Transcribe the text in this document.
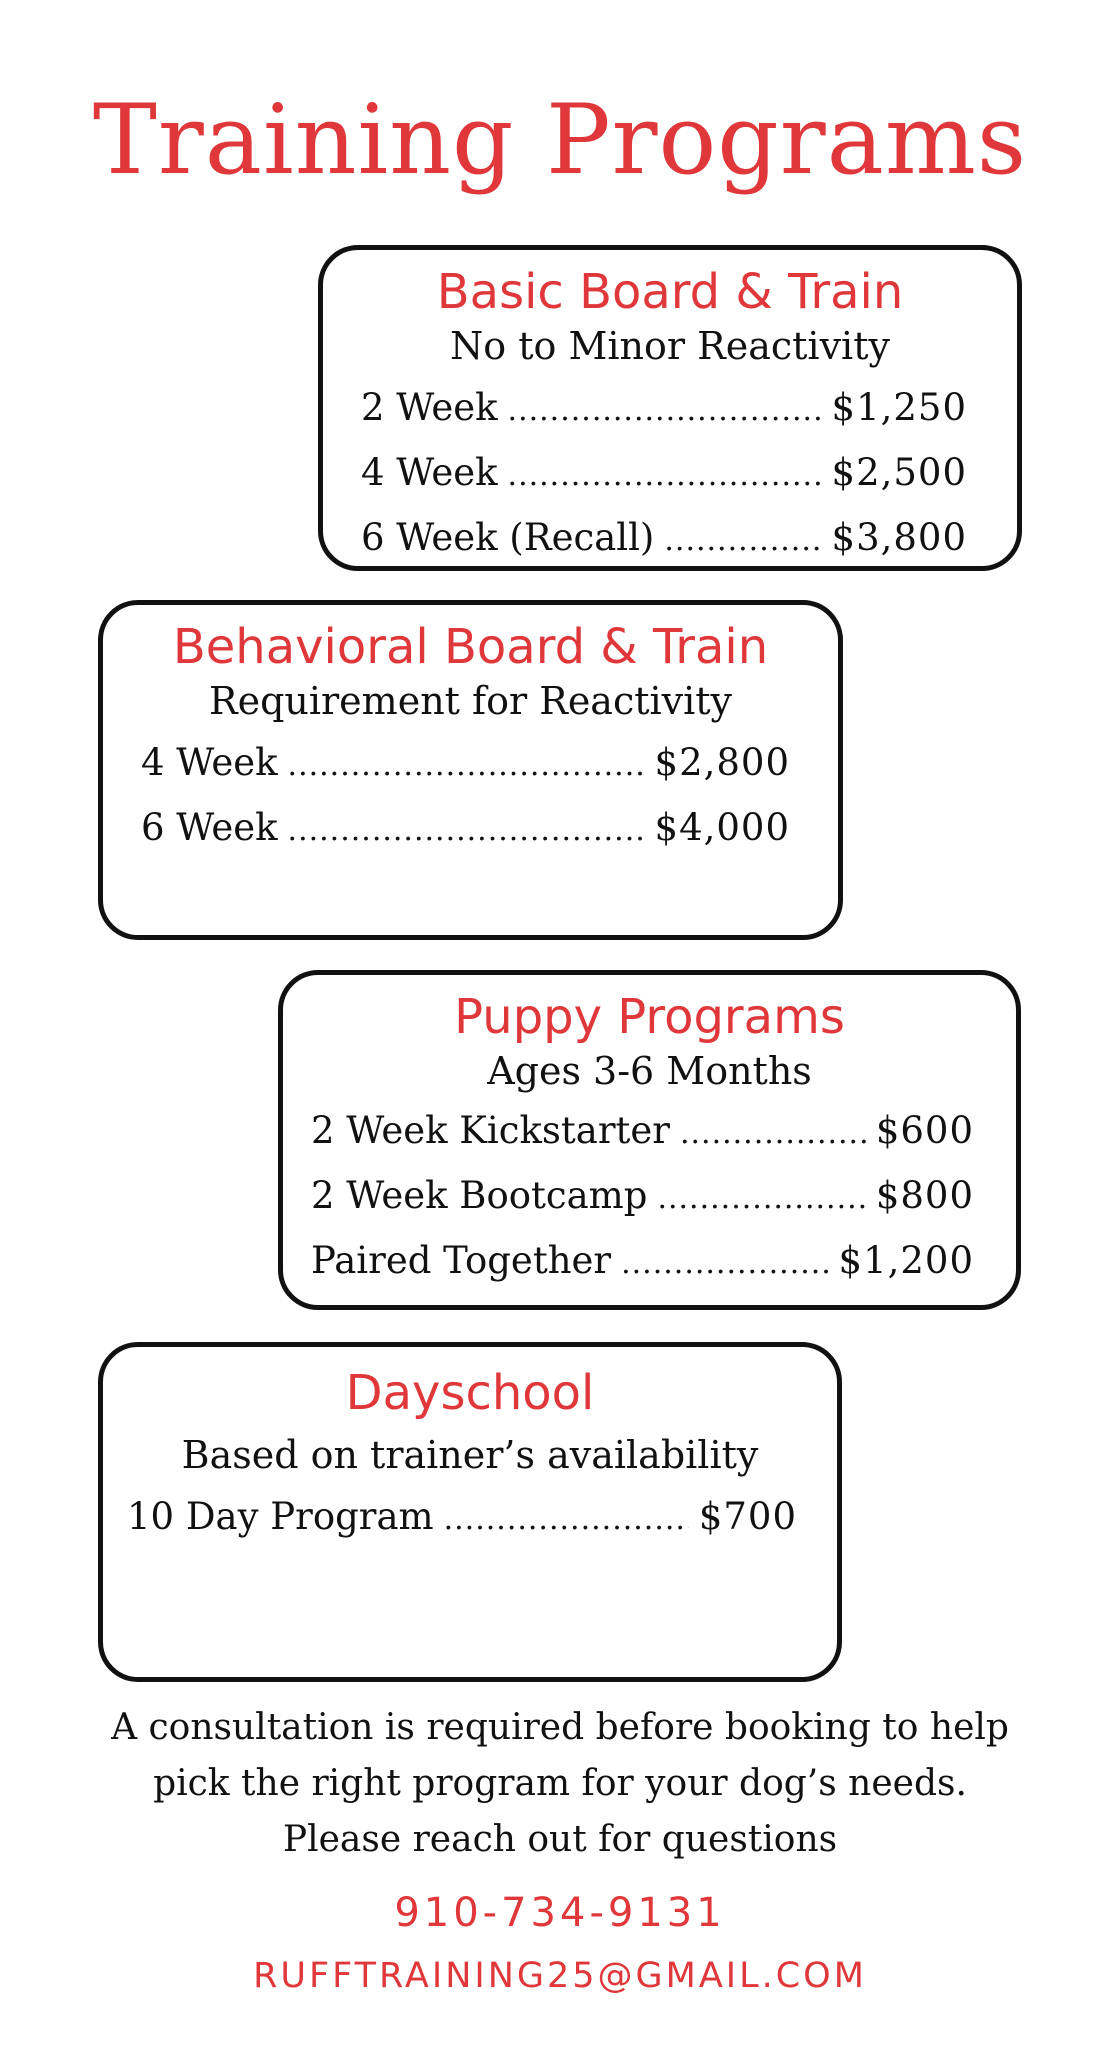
Training Programs
Basic Board & Train
No to Minor Reactivity
2 Week .....	$1,250
4 Week .....	$2,500
6 Week (Recall) .....	$3,800
Behavioral Board & Train
Requirement for Reactivity
4 Week .....	$2,800
6 Week .....	$4,000
Puppy Programs
Ages 3-6 Months
2 Week Kickstarter .....	$600
2 Week Bootcamp .....	$800
Paired Together .....	$1,200
Dayschool
Based on trainer’s availability
10 Day Program .....	$700
A consultation is required before booking to help pick the right program for your dog’s needs. Please reach out for questions
910-734-9131
RUFFTRAINING25@GMAIL.COM
